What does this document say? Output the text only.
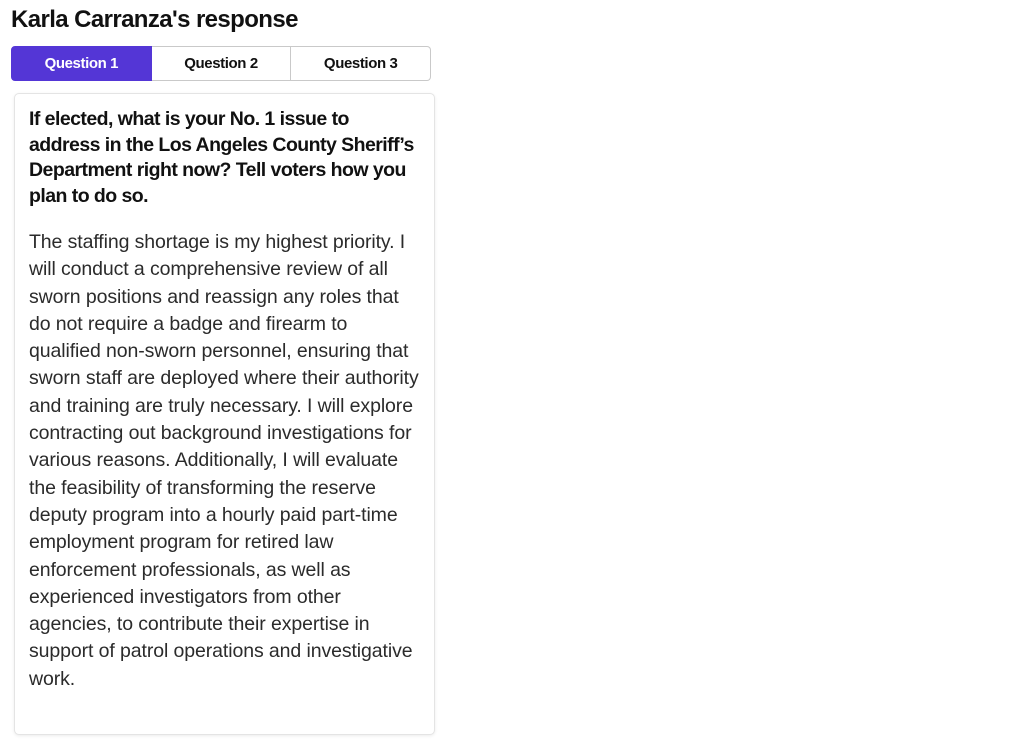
Karla Carranza's response
Question 1	Question 2	Question 3

If elected, what is your No. 1 issue to address in the Los Angeles County Sheriff’s Department right now? Tell voters how you plan to do so.

The staffing shortage is my highest priority. I will conduct a comprehensive review of all sworn positions and reassign any roles that do not require a badge and firearm to qualified non-sworn personnel, ensuring that sworn staff are deployed where their authority and training are truly necessary. I will explore contracting out background investigations for various reasons. Additionally, I will evaluate the feasibility of transforming the reserve deputy program into a hourly paid part-time employment program for retired law enforcement professionals, as well as experienced investigators from other agencies, to contribute their expertise in support of patrol operations and investigative work.
